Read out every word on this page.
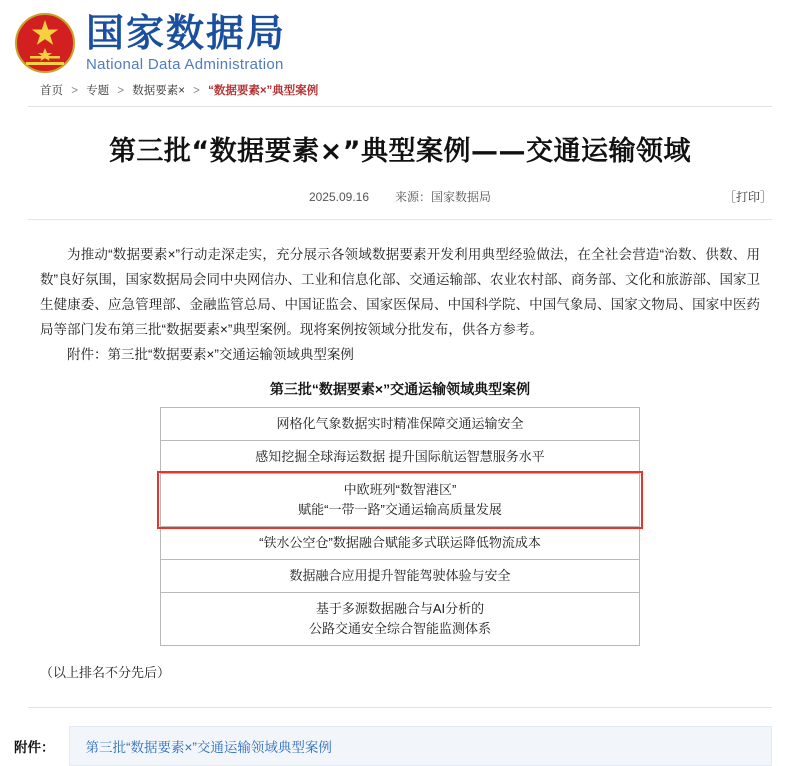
国家数据局
National Data Administration
首页 > 专题 > 数据要素× > “数据要素×”典型案例
第三批“数据要素×”典型案例——交通运输领域
2025.09.16 来源：国家数据局	［打印］

为推动“数据要素×”行动走深走实，充分展示各领域数据要素开发利用典型经验做法，在全社会营造“治数、供数、用数”良好氛围，国家数据局会同中央网信办、工业和信息化部、交通运输部、农业农村部、商务部、文化和旅游部、国家卫生健康委、应急管理部、金融监管总局、中国证监会、国家医保局、中国科学院、中国气象局、国家文物局、国家中医药局等部门发布第三批“数据要素×”典型案例。现将案例按领域分批发布，供各方参考。

附件：第三批“数据要素×”交通运输领域典型案例

第三批“数据要素×”交通运输领域典型案例
网格化气象数据实时精准保障交通运输安全

感知挖掘全球海运数据 提升国际航运智慧服务水平

中欧班列“数智港区”
赋能“一带一路”交通运输高质量发展

“铁水公空仓”数据融合赋能多式联运降低物流成本

数据融合应用提升智能驾驶体验与安全

基于多源数据融合与AI分析的
公路交通安全综合智能监测体系
（以上排名不分先后）
附件：	第三批“数据要素×”交通运输领域典型案例
